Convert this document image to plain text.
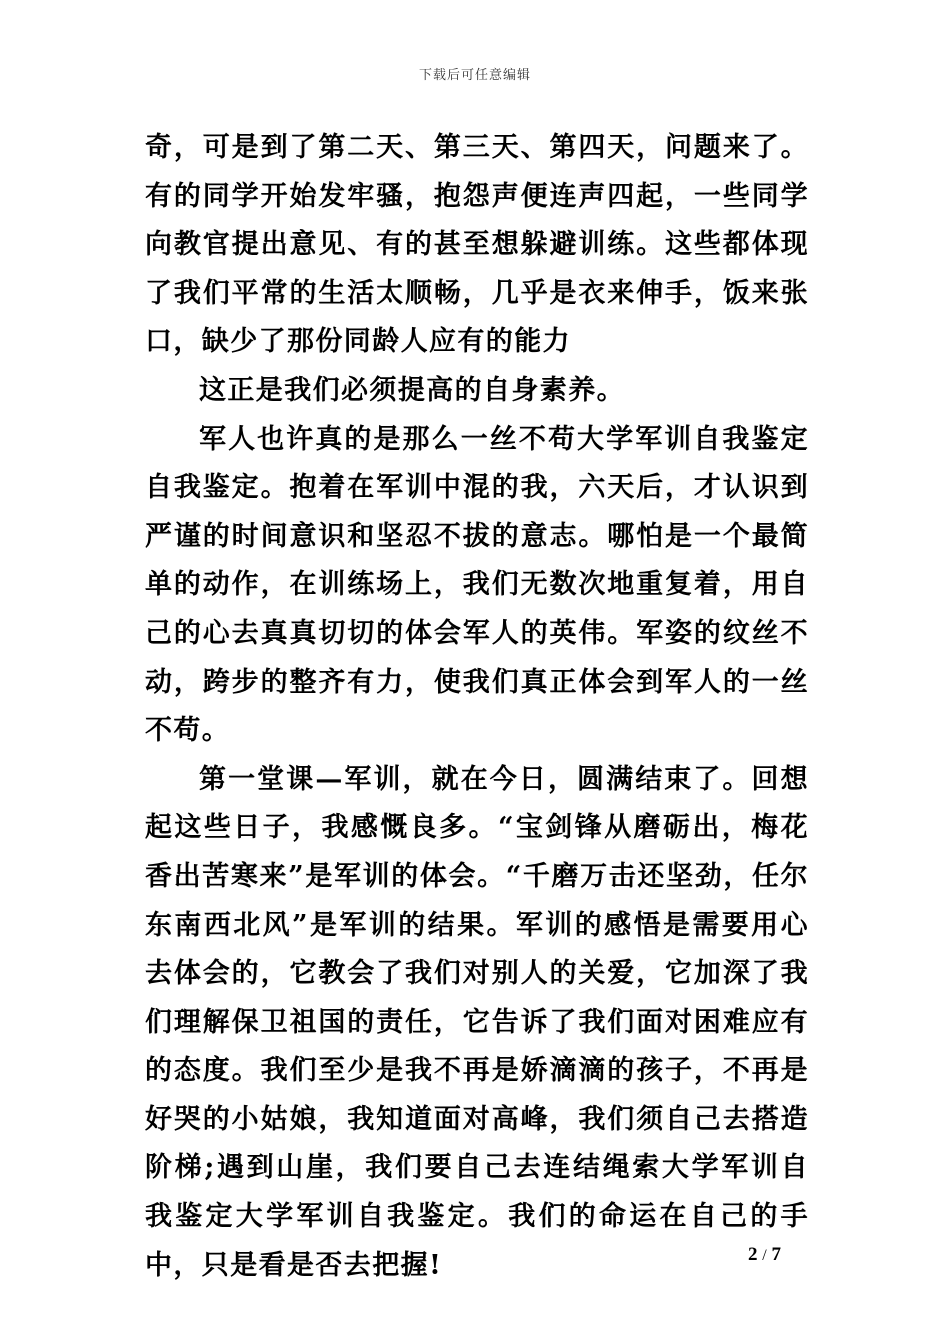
下载后可任意编辑

奇，可是到了第二天、第三天、第四天，问题来了。有的同学开始发牢骚，抱怨声便连声四起，一些同学向教官提出意见、有的甚至想躲避训练。这些都体现了我们平常的生活太顺畅，几乎是衣来伸手，饭来张口，缺少了那份同龄人应有的能力

这正是我们必须提高的自身素养。

军人也许真的是那么一丝不苟大学军训自我鉴定自我鉴定。抱着在军训中混的我，六天后，才认识到严谨的时间意识和坚忍不拔的意志。哪怕是一个最简单的动作，在训练场上，我们无数次地重复着，用自己的心去真真切切的体会军人的英伟。军姿的纹丝不动，跨步的整齐有力，使我们真正体会到军人的一丝不苟。

第一堂课—军训，就在今日，圆满结束了。回想起这些日子，我感慨良多。“宝剑锋从磨砺出，梅花香出苦寒来”是军训的体会。“千磨万击还坚劲，任尔东南西北风”是军训的结果。军训的感悟是需要用心去体会的，它教会了我们对别人的关爱，它加深了我们理解保卫祖国的责任，它告诉了我们面对困难应有的态度。我们至少是我不再是娇滴滴的孩子，不再是好哭的小姑娘，我知道面对高峰，我们须自己去搭造阶梯;遇到山崖，我们要自己去连结绳索大学军训自我鉴定大学军训自我鉴定。我们的命运在自己的手中，只是看是否去把握!	2 / 7
